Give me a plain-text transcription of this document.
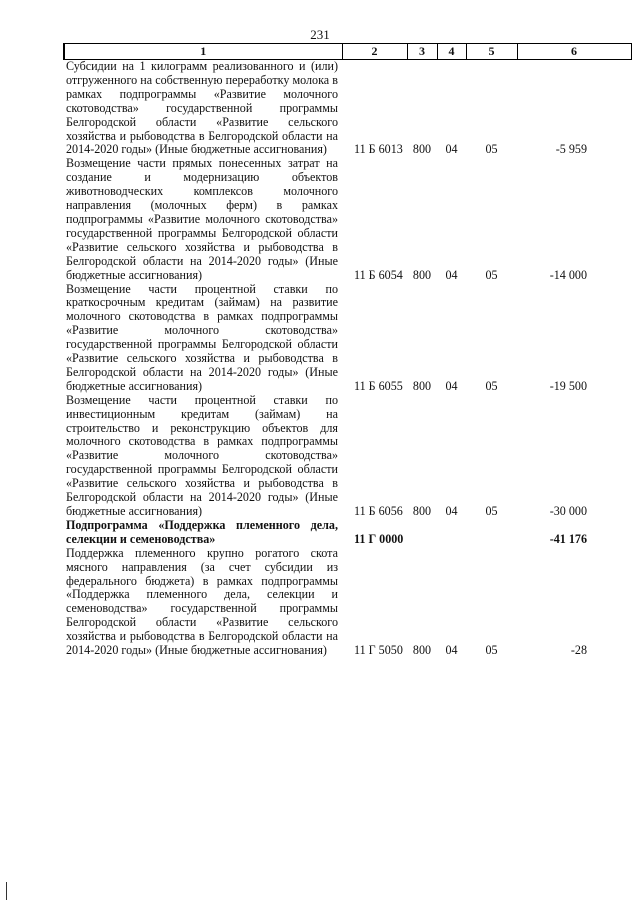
231
1	2	3	4	5	6
Субсидии на 1 килограмм реализованного и (или) отгруженного на собственную переработку молока в рамках подпрограммы «Развитие молочного скотоводства» государственной программы Белгородской области «Развитие сельского хозяйства и рыбоводства в Белгородской области на 2014-2020 годы» (Иные бюджетные ассигнования)	11 Б 6013	800	04	05	-5 959
Возмещение части прямых понесенных затрат на создание и модернизацию объектов животноводческих комплексов молочного направления (молочных ферм) в рамках подпрограммы «Развитие молочного скотоводства» государственной программы Белгородской области «Развитие сельского хозяйства и рыбоводства в Белгородской области на 2014-2020 годы» (Иные бюджетные ассигнования)	11 Б 6054	800	04	05	-14 000
Возмещение части процентной ставки по краткосрочным кредитам (займам) на развитие молочного скотоводства в рамках подпрограммы «Развитие молочного скотоводства» государственной программы Белгородской области «Развитие сельского хозяйства и рыбоводства в Белгородской области на 2014-2020 годы» (Иные бюджетные ассигнования)	11 Б 6055	800	04	05	-19 500
Возмещение части процентной ставки по инвестиционным кредитам (займам) на строительство и реконструкцию объектов для молочного скотоводства в рамках подпрограммы «Развитие молочного скотоводства» государственной программы Белгородской области «Развитие сельского хозяйства и рыбоводства в Белгородской области на 2014-2020 годы» (Иные бюджетные ассигнования)	11 Б 6056	800	04	05	-30 000
Подпрограмма «Поддержка племенного дела, селекции и семеноводства»	11 Г 0000				-41 176
Поддержка племенного крупно рогатого скота мясного направления (за счет субсидии из федерального бюджета) в рамках подпрограммы «Поддержка племенного дела, селекции и семеноводства» государственной программы Белгородской области «Развитие сельского хозяйства и рыбоводства в Белгородской области на 2014-2020 годы» (Иные бюджетные ассигнования)	11 Г 5050	800	04	05	-28
